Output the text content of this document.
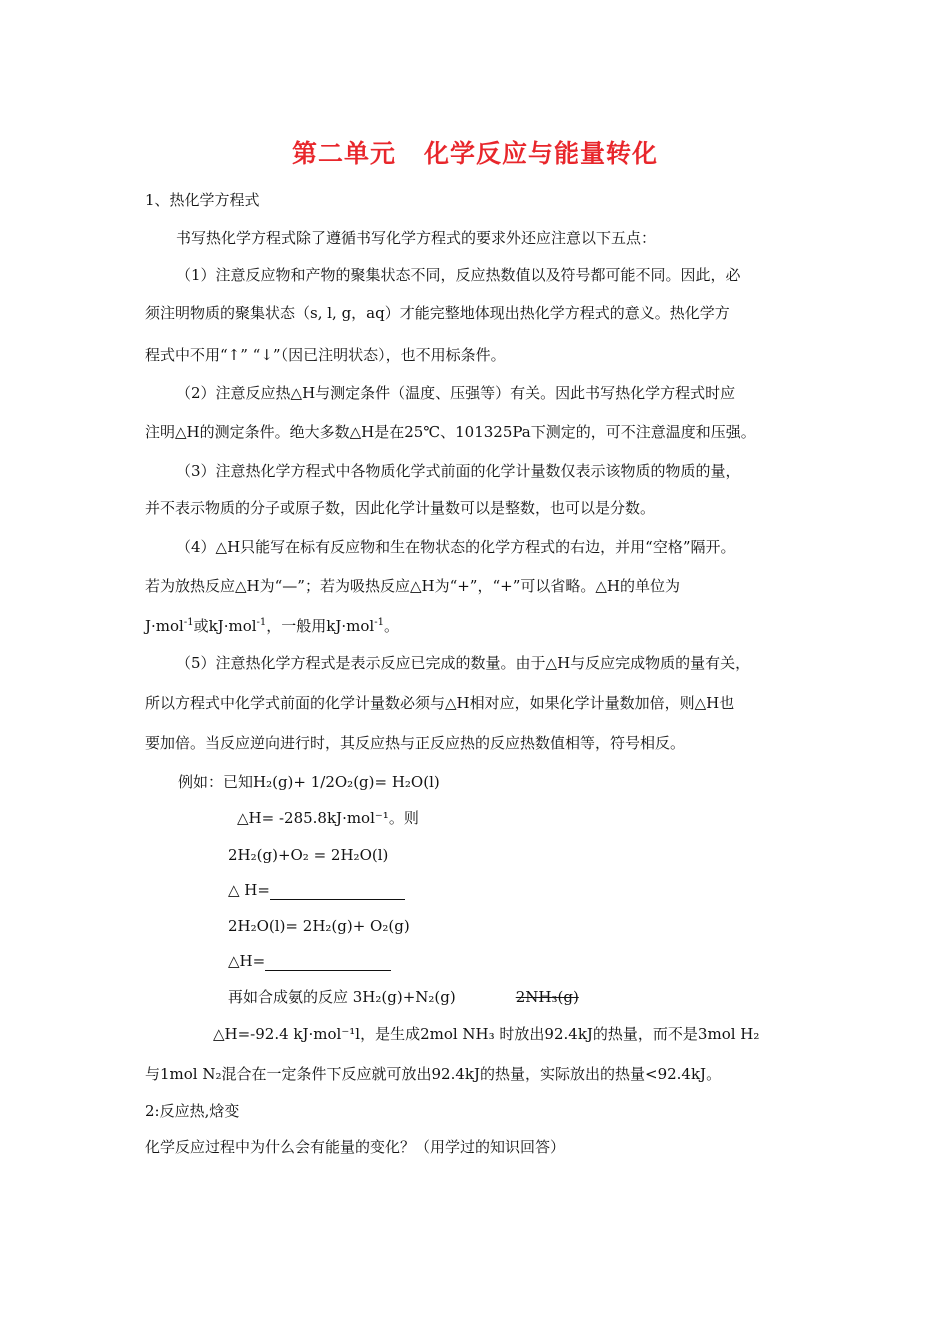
第二单元 化学反应与能量转化
1、热化学方程式
书写热化学方程式除了遵循书写化学方程式的要求外还应注意以下五点：
（1）注意反应物和产物的聚集状态不同，反应热数值以及符号都可能不同。因此，必
须注明物质的聚集状态（s, l, g，aq）才能完整地体现出热化学方程式的意义。热化学方
程式中不用“↑” “↓”（因已注明状态），也不用标条件。
（2）注意反应热△H与测定条件（温度、压强等）有关。因此书写热化学方程式时应
注明△H的测定条件。绝大多数△H是在25℃、101325Pa下测定的，可不注意温度和压强。
（3）注意热化学方程式中各物质化学式前面的化学计量数仅表示该物质的物质的量，
并不表示物质的分子或原子数，因此化学计量数可以是整数，也可以是分数。
（4）△H只能写在标有反应物和生在物状态的化学方程式的右边，并用“空格”隔开。
若为放热反应△H为“—”；若为吸热反应△H为“+”，“+”可以省略。△H的单位为
J·mol$^{-1}$或kJ·mol$^{-1}$，一般用kJ·mol$^{-1}$。
（5）注意热化学方程式是表示反应已完成的数量。由于△H与反应完成物质的量有关，
所以方程式中化学式前面的化学计量数必须与△H相对应，如果化学计量数加倍，则△H也
要加倍。当反应逆向进行时，其反应热与正反应热的反应热数值相等，符号相反。
例如：已知H₂(g)+ 1/2O₂(g)= H₂O(l)
△H= -285.8kJ·mol⁻¹。则
2H₂(g)+O₂ = 2H₂O(l)
△ H=
2H₂O(l)= 2H₂(g)+ O₂(g)
△H=
再如合成氨的反应 3H₂(g)+N₂(g)	2NH₃(g)
△H=-92.4 kJ·mol⁻¹l，是生成2mol NH₃ 时放出92.4kJ的热量，而不是3mol H₂
与1mol N₂混合在一定条件下反应就可放出92.4kJ的热量，实际放出的热量<92.4kJ。
2:反应热,焓变
化学反应过程中为什么会有能量的变化？（用学过的知识回答）
